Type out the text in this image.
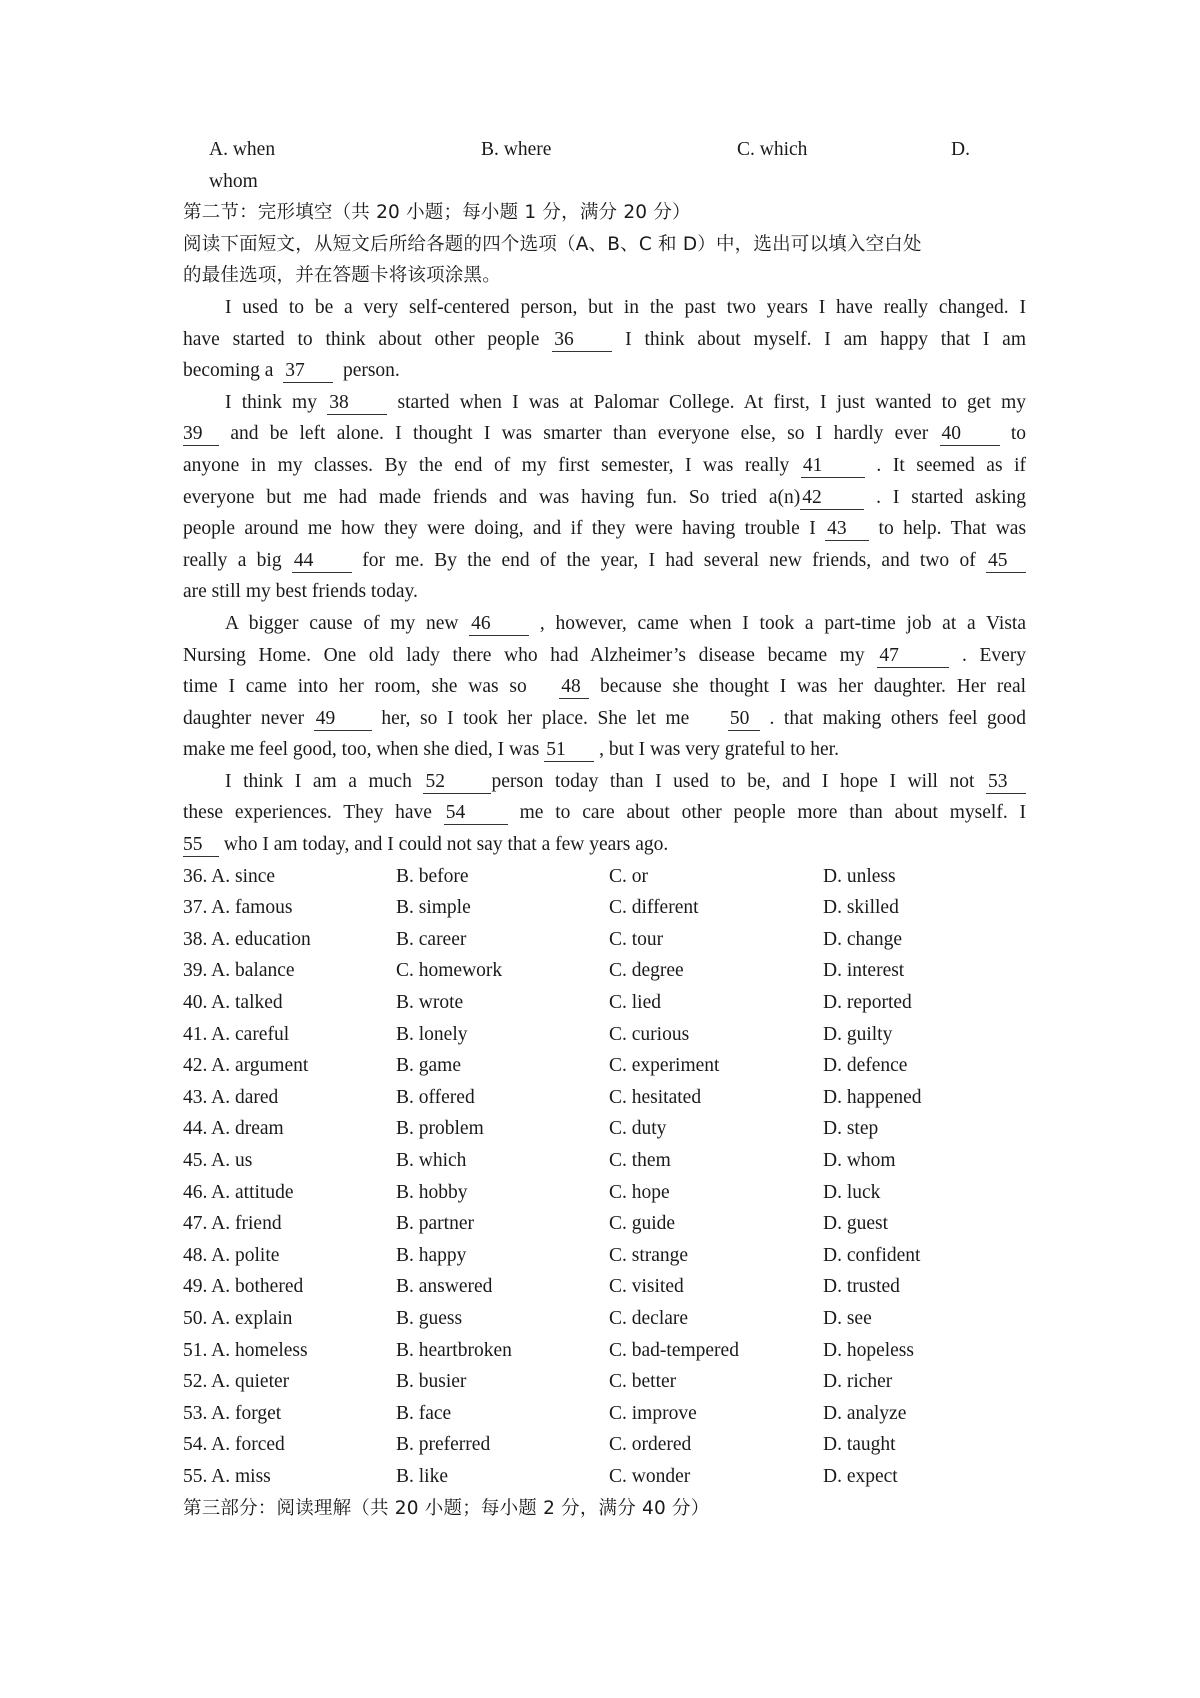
A. when	B. where	C. which	D.
whom
第二节：完形填空（共 20 小题；每小题 1 分，满分 20 分）
阅读下面短文，从短文后所给各题的四个选项（A、B、C 和 D）中，选出可以填入空白处
的最佳选项，并在答题卡将该项涂黑。
I used to be a very self-centered person, but in the past two years I have really changed. I
have started to think about other people 36	I think about myself. I am happy that I am
becoming a 37 person.
I think my 38	started when I was at Palomar College. At first, I just wanted to get my
39 and be left alone. I thought I was smarter than everyone else, so I hardly ever 40	to
anyone in my classes. By the end of my first semester, I was really 41	. It seemed as if
everyone but me had made friends and was having fun. So tried a(n) 42	. I started asking
people around me how they were doing, and if they were having trouble I 43 to help. That was
really a big 44	for me. By the end of the year, I had several new friends, and two of 45
are still my best friends today.
A bigger cause of my new 46	, however, came when I took a part-time job at a Vista
Nursing Home. One old lady there who had Alzheimer’s disease became my 47	. Every
time I came into her room, she was so 48 because she thought I was her daughter. Her real
daughter never 49 her, so I took her place. She let me 50 . that making others feel good
make me feel good, too, when she died, I was 51 , but I was very grateful to her.
I think I am a much 52 person today than I used to be, and I hope I will not 53
these experiences. They have 54	me to care about other people more than about myself. I
55 who I am today, and I could not say that a few years ago.
36. A. since	B. before	C. or	D. unless
37. A. famous	B. simple	C. different	D. skilled
38. A. education	B. career	C. tour	D. change
39. A. balance	C. homework	C. degree	D. interest
40. A. talked	B. wrote	C. lied	D. reported
41. A. careful	B. lonely	C. curious	D. guilty
42. A. argument	B. game	C. experiment	D. defence
43. A. dared	B. offered	C. hesitated	D. happened
44. A. dream	B. problem	C. duty	D. step
45. A. us	B. which	C. them	D. whom
46. A. attitude	B. hobby	C. hope	D. luck
47. A. friend	B. partner	C. guide	D. guest
48. A. polite	B. happy	C. strange	D. confident
49. A. bothered	B. answered	C. visited	D. trusted
50. A. explain	B. guess	C. declare	D. see
51. A. homeless	B. heartbroken	C. bad-tempered	D. hopeless
52. A. quieter	B. busier	C. better	D. richer
53. A. forget	B. face	C. improve	D. analyze
54. A. forced	B. preferred	C. ordered	D. taught
55. A. miss	B. like	C. wonder	D. expect
第三部分：阅读理解（共 20 小题；每小题 2 分，满分 40 分）
